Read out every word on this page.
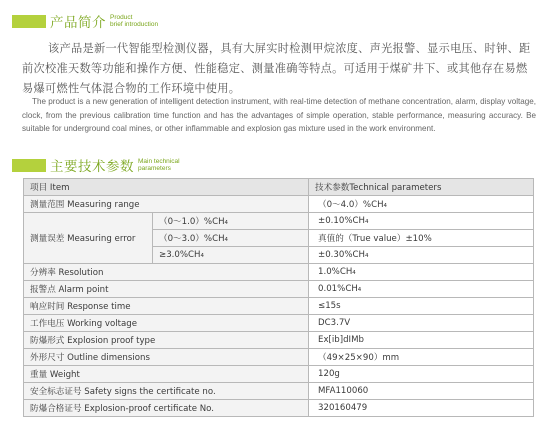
产品简介 Product
brief introduction

该产品是新一代智能型检测仪器，具有大屏实时检测甲烷浓度、声光报警、显示电压、时钟、距前次校准天数等功能和操作方便、性能稳定、测量准确等特点。可适用于煤矿井下、或其他存在易燃易爆可燃性气体混合物的工作环境中使用。

The product is a new generation of intelligent detection instrument, with real-time detection of methane concentration, alarm, display voltage, clock, from the previous calibration time function and has the advantages of simple operation, stable performance, measuring accuracy. Be suitable for underground coal mines, or other inflammable and explosion gas mixture used in the work environment.

主要技术参数 Main technical
parameters
项目 Item		技术参数Technical parameters
测量范围 Measuring range		（0～4.0）%CH₄
测量误差 Measuring error	（0～1.0）%CH₄	±0.10%CH₄
	（0～3.0）%CH₄	真值的（True value）±10%
	≥3.0%CH₄	±0.30%CH₄
分辨率 Resolution		1.0%CH₄
报警点 Alarm point		0.01%CH₄
响应时间 Response time		≤15s
工作电压 Working voltage		DC3.7V
防爆形式 Explosion proof type		Ex[ib]dIMb
外形尺寸 Outline dimensions		（49×25×90）mm
重量 Weight		120g
安全标志证号 Safety signs the certificate no.		MFA110060
防爆合格证号 Explosion-proof certificate No.		320160479
